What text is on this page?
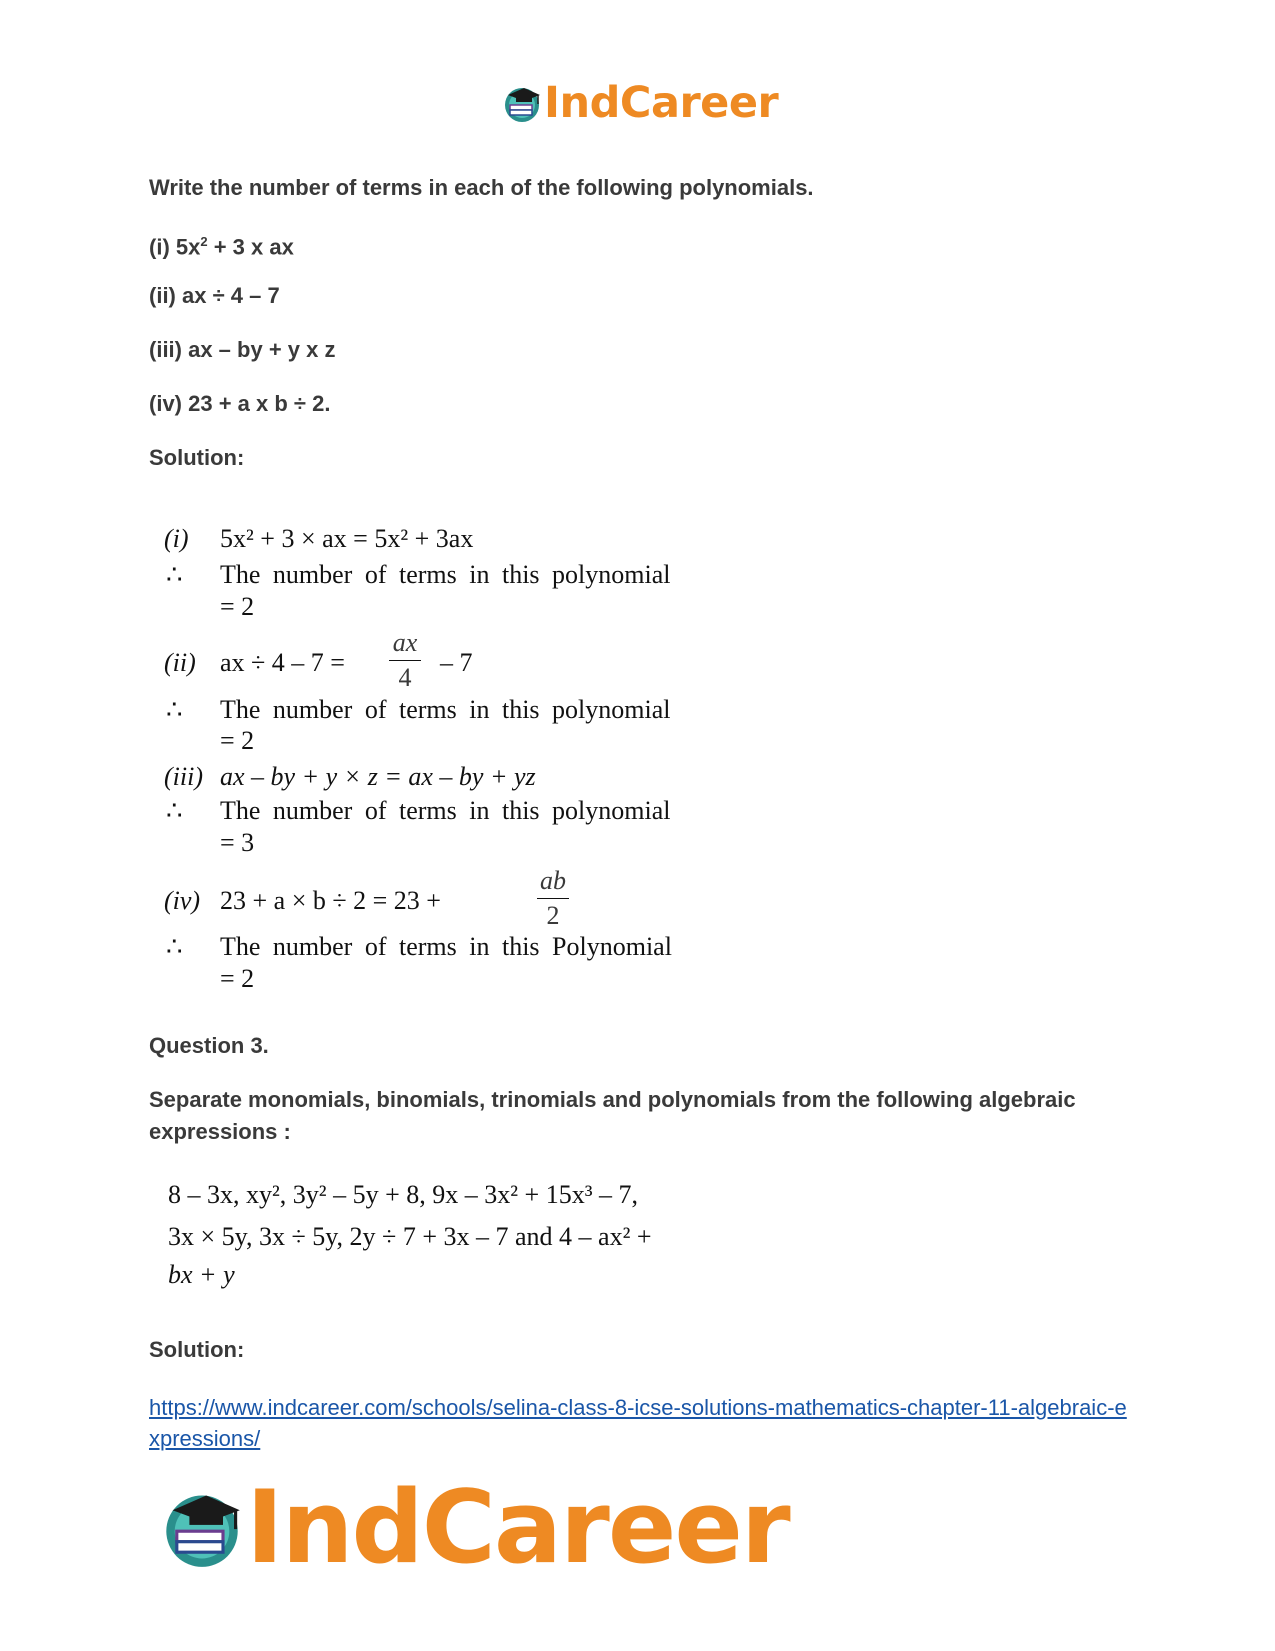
IndCareer
Write the number of terms in each of the following polynomials.
(i) $5x^2 + 3$ x ax
(ii) ax ÷ 4 – 7
(iii) ax – by + y x z
(iv) 23 + a x b ÷ 2.
Solution:
(i) 5x² + 3 × ax = 5x² + 3ax
∴ The number of terms in this polynomial
= 2
(ii) ax ÷ 4 – 7 =
ax
4
– 7
∴ The number of terms in this polynomial
= 2
(iii) ax – by + y × z = ax – by + yz
∴ The number of terms in this polynomial
= 3
(iv) 23 + a × b ÷ 2 = 23 +
ab
2
∴ The number of terms in this Polynomial
= 2
Question 3.
Separate monomials, binomials, trinomials and polynomials from the following algebraic
expressions :
8 – 3x, xy², 3y² – 5y + 8, 9x – 3x² + 15x³ – 7,
3x × 5y, 3x ÷ 5y, 2y ÷ 7 + 3x – 7 and 4 – ax² +
bx + y
Solution:
https://www.indcareer.com/schools/selina-class-8-icse-solutions-mathematics-chapter-11-algebraic-expressions/
IndCareer
